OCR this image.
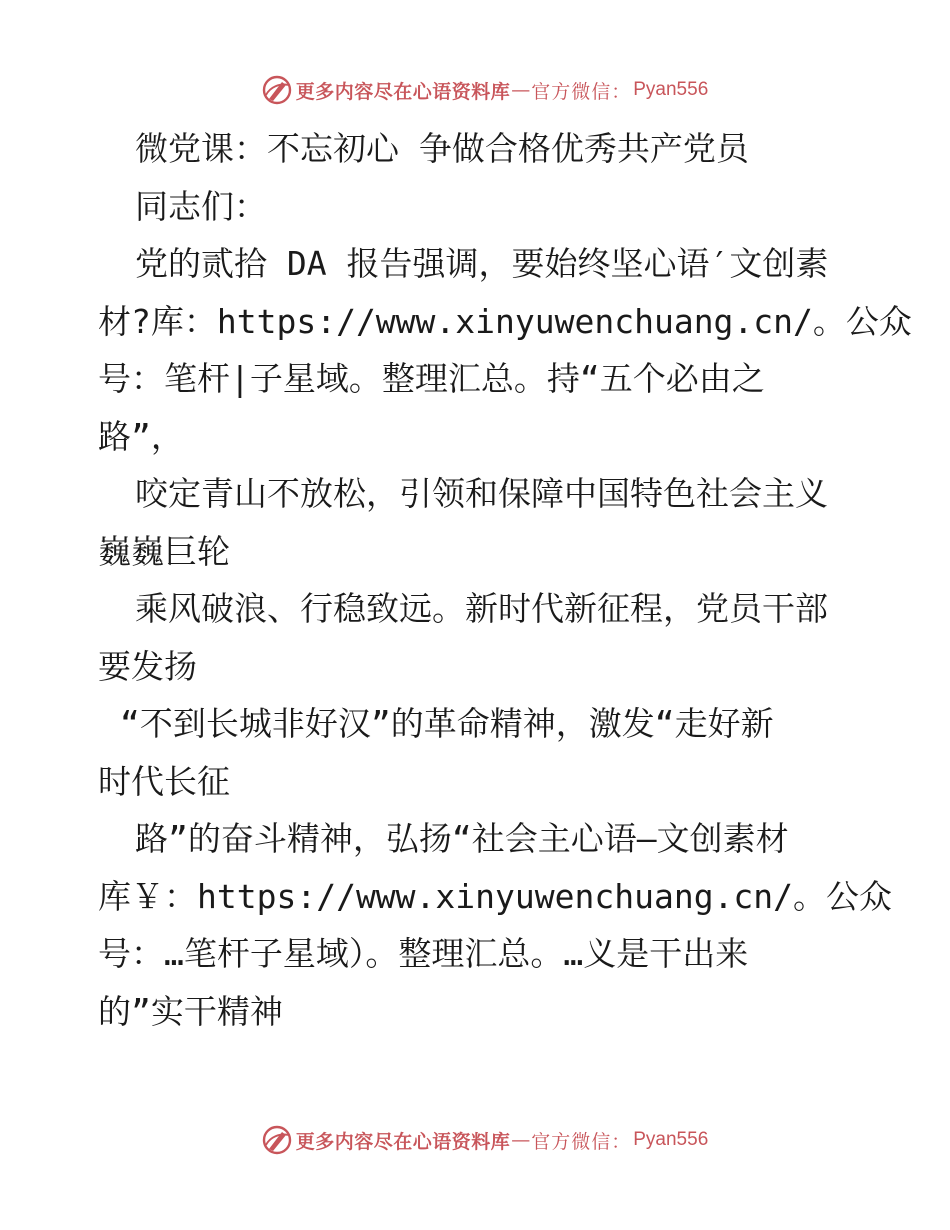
更多内容尽在心语资料库 — 官方微信： Pyan556
微党课：不忘初心 争做合格优秀共产党员
同志们：
党的贰拾 DA 报告强调，要始终坚心语′文创素
材?库：https://www.xinyuwenchuang.cn/。公众
号：笔杆|子星域。整理汇总。持“五个必由之
路”，
咬定青山不放松，引领和保障中国特色社会主义
巍巍巨轮
乘风破浪、行稳致远。新时代新征程，党员干部
要发扬
“不到长城非好汉”的革命精神，激发“走好新
时代长征
路”的奋斗精神，弘扬“社会主心语—文创素材
库￥：https://www.xinyuwenchuang.cn/。公众
号：…笔杆子星域）。整理汇总。…义是干出来
的”实干精神
更多内容尽在心语资料库 — 官方微信： Pyan556
